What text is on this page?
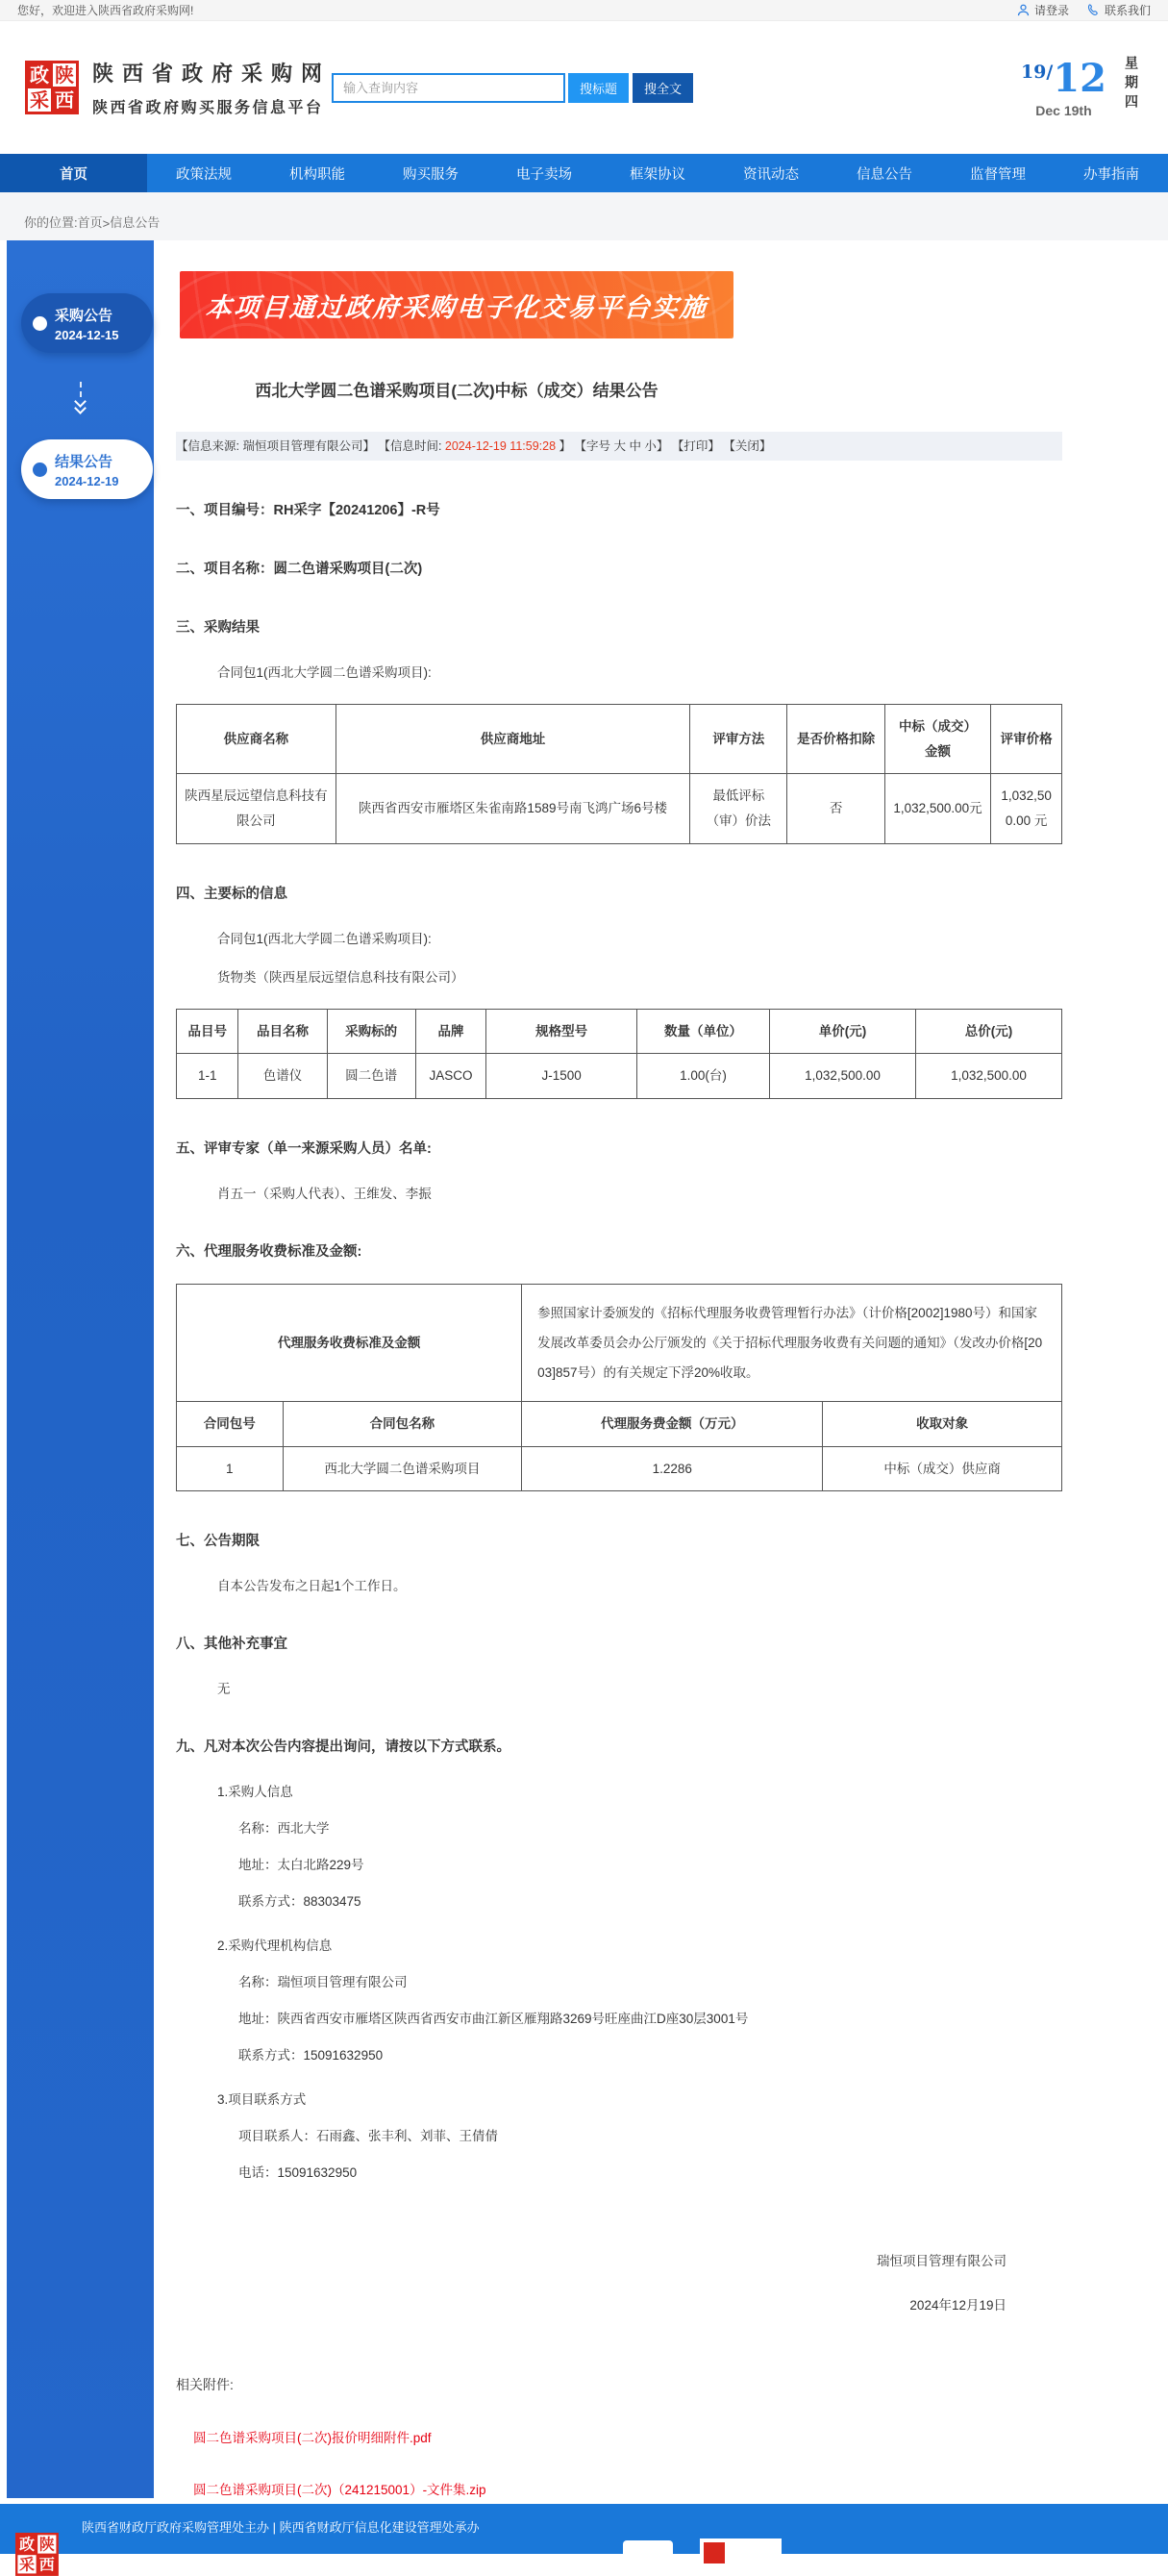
您好，欢迎进入陕西省政府采购网!	请登录	联系我们
政 陕
采 西
陕西省政府采购网
陕西省政府购买服务信息平台
输入查询内容
搜标题	搜全文
19/12
Dec 19th	星期四
首页	政策法规	机构职能	购买服务	电子卖场	框架协议	资讯动态	信息公告	监督管理	办事指南
你的位置: 首页 > 信息公告
采购公告
2024-12-15
结果公告
2024-12-19
本项目通过政府采购电子化交易平台实施
西北大学圆二色谱采购项目(二次)中标（成交）结果公告
【信息来源: 瑞恒项目管理有限公司】 【信息时间: 2024-12-19 11:59:28 】 【字号 大 中 小】 【打印】 【关闭】
一、项目编号：RH采字【20241206】-R号
二、项目名称：圆二色谱采购项目(二次)
三、采购结果

合同包1(西北大学圆二色谱采购项目):

供应商名称	供应商地址	评审方法	是否价格扣除	中标（成交）金额	评审价格
陕西星辰远望信息科技有限公司	陕西省西安市雁塔区朱雀南路1589号南飞鸿广场6号楼	最低评标（审）价法	否	1,032,500.00元	1,032,500.00 元
四、主要标的信息

合同包1(西北大学圆二色谱采购项目):

货物类（陕西星辰远望信息科技有限公司）

品目号	品目名称	采购标的	品牌	规格型号	数量（单位）	单价(元)	总价(元)
1-1	色谱仪	圆二色谱	JASCO	J-1500	1.00(台)	1,032,500.00	1,032,500.00
五、评审专家（单一来源采购人员）名单:

肖五一（采购人代表）、王维发、李振

六、代理服务收费标准及金额:
代理服务收费标准及金额		参照国家计委颁发的《招标代理服务收费管理暂行办法》（计价格[2002]1980号）和国家发展改革委员会办公厅颁发的《关于招标代理服务收费有关问题的通知》（发改办价格[2003]857号）的有关规定下浮20%收取。	
合同包号	合同包名称	代理服务费金额（万元）	收取对象
1	西北大学圆二色谱采购项目	1.2286	中标（成交）供应商
七、公告期限

自本公告发布之日起1个工作日。

八、其他补充事宜

无

九、凡对本次公告内容提出询问，请按以下方式联系。

1.采购人信息

名称：西北大学

地址：太白北路229号

联系方式：88303475

2.采购代理机构信息

名称：瑞恒项目管理有限公司

地址：陕西省西安市雁塔区陕西省西安市曲江新区雁翔路3269号旺座曲江D座30层3001号

联系方式：15091632950

3.项目联系方式

项目联系人：石雨鑫、张丰利、刘菲、王倩倩

电话：15091632950

瑞恒项目管理有限公司
2024年12月19日
相关附件:
圆二色谱采购项目(二次)报价明细附件.pdf
圆二色谱采购项目(二次)（241215001）-文件集.zip
政 陕
采 西
陕西省财政厅政府采购管理处主办 | 陕西省财政厅信息化建设管理处承办
